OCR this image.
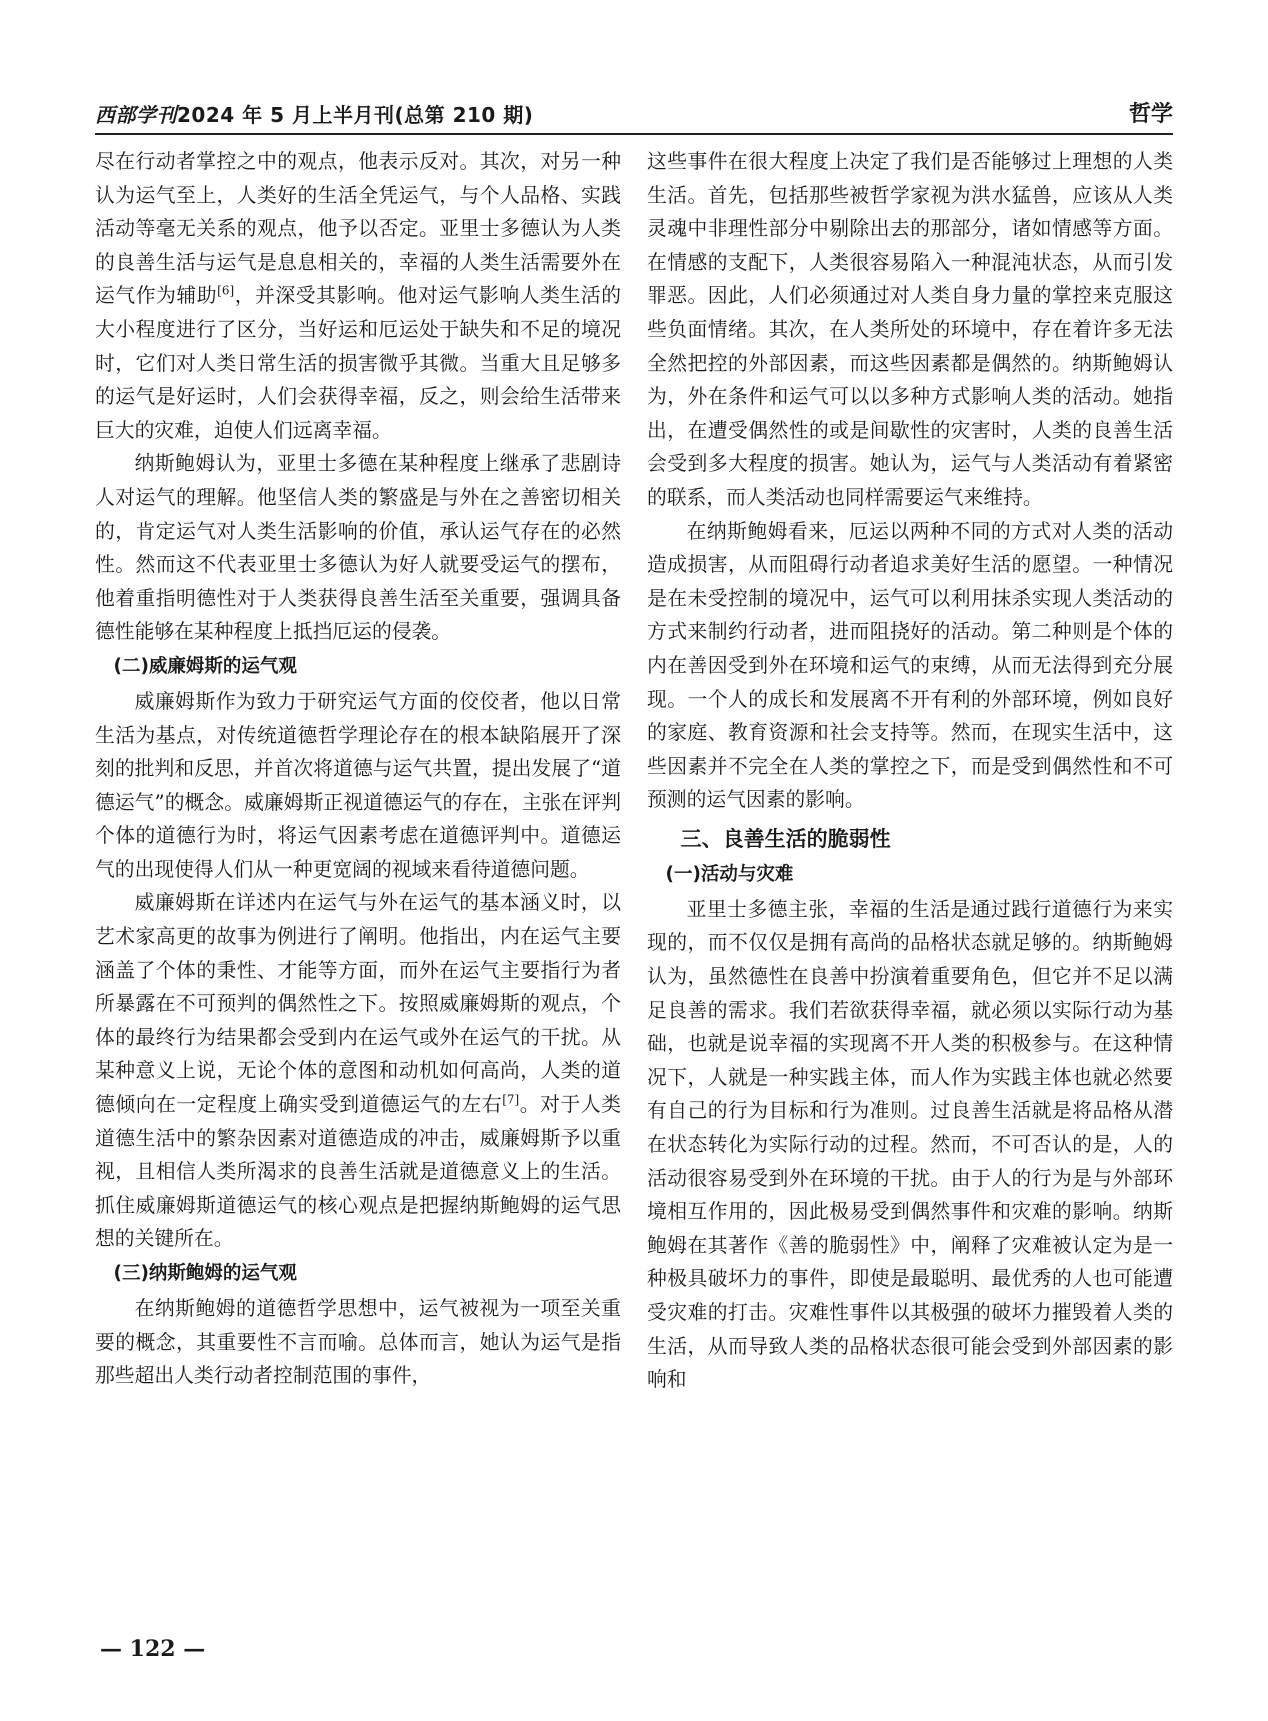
西部学刊2024 年 5 月上半月刊(总第 210 期)	哲学

尽在行动者掌控之中的观点，他表示反对。其次，对另一种认为运气至上，人类好的生活全凭运气，与个人品格、实践活动等毫无关系的观点，他予以否定。亚里士多德认为人类的良善生活与运气是息息相关的，幸福的人类生活需要外在运气作为辅助[6]，并深受其影响。他对运气影响人类生活的大小程度进行了区分，当好运和厄运处于缺失和不足的境况时，它们对人类日常生活的损害微乎其微。当重大且足够多的运气是好运时，人们会获得幸福，反之，则会给生活带来巨大的灾难，迫使人们远离幸福。

纳斯鲍姆认为，亚里士多德在某种程度上继承了悲剧诗人对运气的理解。他坚信人类的繁盛是与外在之善密切相关的，肯定运气对人类生活影响的价值，承认运气存在的必然性。然而这不代表亚里士多德认为好人就要受运气的摆布，他着重指明德性对于人类获得良善生活至关重要，强调具备德性能够在某种程度上抵挡厄运的侵袭。

(二)威廉姆斯的运气观

威廉姆斯作为致力于研究运气方面的佼佼者，他以日常生活为基点，对传统道德哲学理论存在的根本缺陷展开了深刻的批判和反思，并首次将道德与运气共置，提出发展了“道德运气”的概念。威廉姆斯正视道德运气的存在，主张在评判个体的道德行为时，将运气因素考虑在道德评判中。道德运气的出现使得人们从一种更宽阔的视域来看待道德问题。

威廉姆斯在详述内在运气与外在运气的基本涵义时，以艺术家高更的故事为例进行了阐明。他指出，内在运气主要涵盖了个体的秉性、才能等方面，而外在运气主要指行为者所暴露在不可预判的偶然性之下。按照威廉姆斯的观点，个体的最终行为结果都会受到内在运气或外在运气的干扰。从某种意义上说，无论个体的意图和动机如何高尚，人类的道德倾向在一定程度上确实受到道德运气的左右[7]。对于人类道德生活中的繁杂因素对道德造成的冲击，威廉姆斯予以重视，且相信人类所渴求的良善生活就是道德意义上的生活。抓住威廉姆斯道德运气的核心观点是把握纳斯鲍姆的运气思想的关键所在。

(三)纳斯鲍姆的运气观

在纳斯鲍姆的道德哲学思想中，运气被视为一项至关重要的概念，其重要性不言而喻。总体而言，她认为运气是指那些超出人类行动者控制范围的事件，

这些事件在很大程度上决定了我们是否能够过上理想的人类生活。首先，包括那些被哲学家视为洪水猛兽，应该从人类灵魂中非理性部分中剔除出去的那部分，诸如情感等方面。在情感的支配下，人类很容易陷入一种混沌状态，从而引发罪恶。因此，人们必须通过对人类自身力量的掌控来克服这些负面情绪。其次，在人类所处的环境中，存在着许多无法全然把控的外部因素，而这些因素都是偶然的。纳斯鲍姆认为，外在条件和运气可以以多种方式影响人类的活动。她指出，在遭受偶然性的或是间歇性的灾害时，人类的良善生活会受到多大程度的损害。她认为，运气与人类活动有着紧密的联系，而人类活动也同样需要运气来维持。

在纳斯鲍姆看来，厄运以两种不同的方式对人类的活动造成损害，从而阻碍行动者追求美好生活的愿望。一种情况是在未受控制的境况中，运气可以利用抹杀实现人类活动的方式来制约行动者，进而阻挠好的活动。第二种则是个体的内在善因受到外在环境和运气的束缚，从而无法得到充分展现。一个人的成长和发展离不开有利的外部环境，例如良好的家庭、教育资源和社会支持等。然而，在现实生活中，这些因素并不完全在人类的掌控之下，而是受到偶然性和不可预测的运气因素的影响。

三、良善生活的脆弱性
(一)活动与灾难

亚里士多德主张，幸福的生活是通过践行道德行为来实现的，而不仅仅是拥有高尚的品格状态就足够的。纳斯鲍姆认为，虽然德性在良善中扮演着重要角色，但它并不足以满足良善的需求。我们若欲获得幸福，就必须以实际行动为基础，也就是说幸福的实现离不开人类的积极参与。在这种情况下，人就是一种实践主体，而人作为实践主体也就必然要有自己的行为目标和行为准则。过良善生活就是将品格从潜在状态转化为实际行动的过程。然而，不可否认的是，人的活动很容易受到外在环境的干扰。由于人的行为是与外部环境相互作用的，因此极易受到偶然事件和灾难的影响。纳斯鲍姆在其著作《善的脆弱性》中，阐释了灾难被认定为是一种极具破坏力的事件，即使是最聪明、最优秀的人也可能遭受灾难的打击。灾难性事件以其极强的破坏力摧毁着人类的生活，从而导致人类的品格状态很可能会受到外部因素的影响和

— 122 —
